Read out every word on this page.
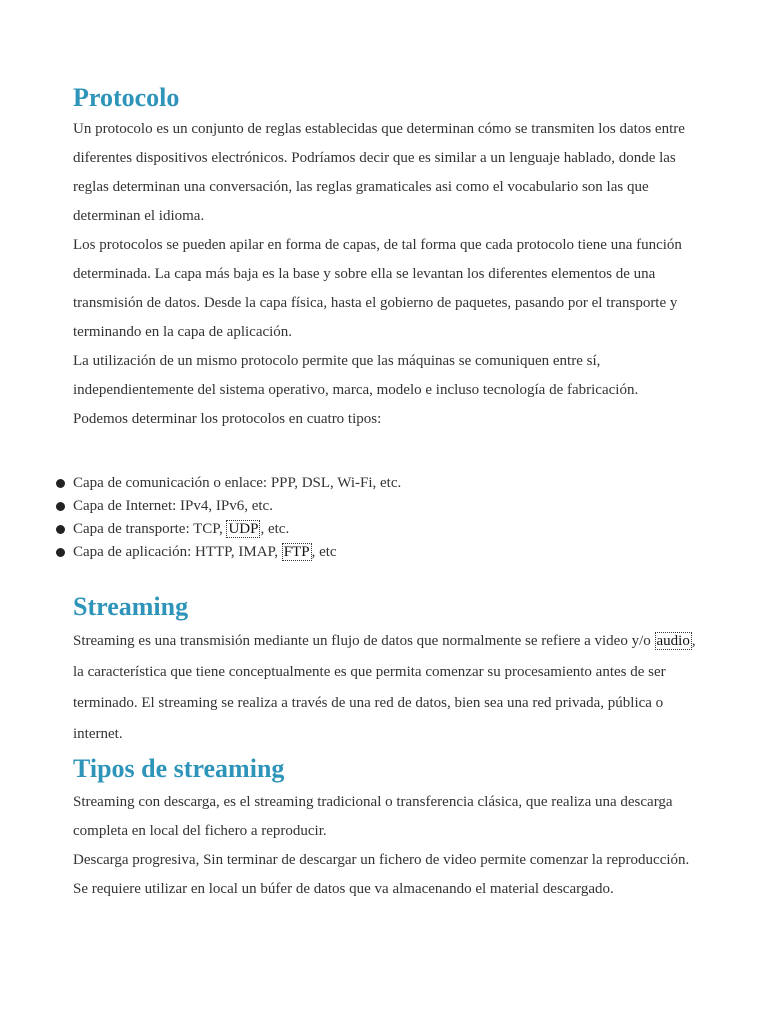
Protocolo

Un protocolo es un conjunto de reglas establecidas que determinan cómo se transmiten los datos entre diferentes dispositivos electrónicos. Podríamos decir que es similar a un lenguaje hablado, donde las reglas determinan una conversación, las reglas gramaticales asi como el vocabulario son las que determinan el idioma.

Los protocolos se pueden apilar en forma de capas, de tal forma que cada protocolo tiene una función determinada. La capa más baja es la base y sobre ella se levantan los diferentes elementos de una transmisión de datos. Desde la capa física, hasta el gobierno de paquetes, pasando por el transporte y terminando en la capa de aplicación.

La utilización de un mismo protocolo permite que las máquinas se comuniquen entre sí, independientemente del sistema operativo, marca, modelo e incluso tecnología de fabricación.

Podemos determinar los protocolos en cuatro tipos:

Capa de comunicación o enlace: PPP, DSL, Wi-Fi, etc.
Capa de Internet: IPv4, IPv6, etc.
Capa de transporte: TCP, UDP , etc.
Capa de aplicación: HTTP, IMAP, FTP , etc
Streaming

Streaming es una transmisión mediante un flujo de datos que normalmente se refiere a video y/o audio , la característica que tiene conceptualmente es que permita comenzar su procesamiento antes de ser terminado. El streaming se realiza a través de una red de datos, bien sea una red privada, pública o internet.

Tipos de streaming

Streaming con descarga, es el streaming tradicional o transferencia clásica, que realiza una descarga completa en local del fichero a reproducir.

Descarga progresiva, Sin terminar de descargar un fichero de video permite comenzar la reproducción. Se requiere utilizar en local un búfer de datos que va almacenando el material descargado.
